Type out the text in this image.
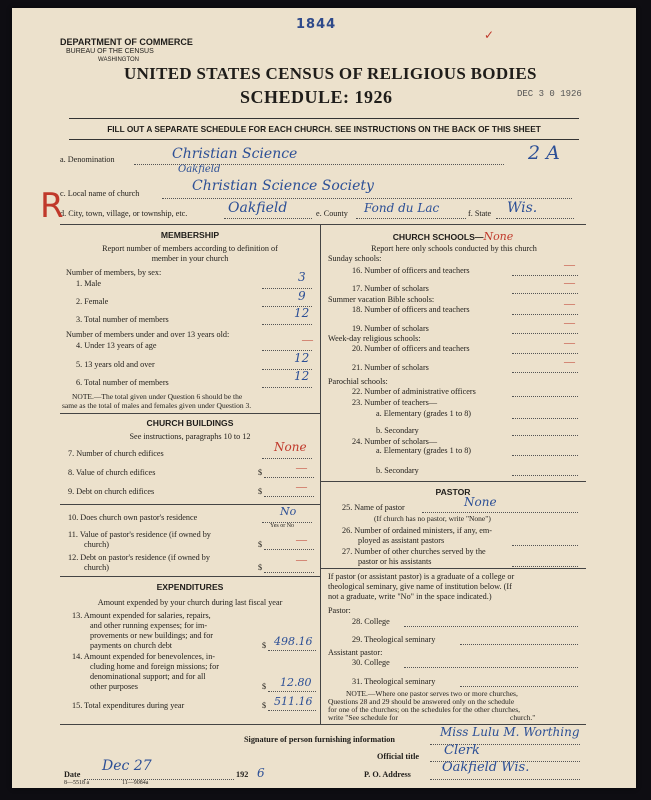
1844
✓
DEPARTMENT OF COMMERCE
BUREAU OF THE CENSUS
WASHINGTON
UNITED STATES CENSUS OF RELIGIOUS BODIES
SCHEDULE: 1926	DEC 3 0 1926
FILL OUT A SEPARATE SCHEDULE FOR EACH CHURCH. SEE INSTRUCTIONS ON THE BACK OF THIS SHEET
a. Denomination	Christian Science	2 A
Oakfield
c. Local name of church	Christian Science Society
d. City, town, village, or township, etc.	Oakfield	e. County Fond du Lac	f. State Wis.
R
MEMBERSHIP
Report number of members according to definition of
member in your church
Number of members, by sex:
1. Male	3
2. Female	9
3. Total number of members	12
Number of members under and over 13 years old:
4. Under 13 years of age	—
5. 13 years old and over	12
6. Total number of members	12
NOTE.—The total given under Question 6 should be the
same as the total of males and females given under Question 3.
CHURCH BUILDINGS
See instructions, paragraphs 10 to 12
7. Number of church edifices	None
8. Value of church edifices	$	—
9. Debt on church edifices	$	—
10. Does church own pastor's residence	No
Yes or No
11. Value of pastor's residence (if owned by
church)	$	—
12. Debt on pastor's residence (if owned by
church)	$
—
EXPENDITURES
Amount expended by your church during last fiscal year
13. Amount expended for salaries, repairs,
and other running expenses; for im-
provements or new buildings; and for
payments on church debt	$ 498.16
14. Amount expended for benevolences, in-
cluding home and foreign missions; for
denominational support; and for all
other purposes	$ 12.80
15. Total expenditures during year	$ 511.16
CHURCH SCHOOLS—None
Report here only schools conducted by this church
Sunday schools:
16. Number of officers and teachers	—
17. Number of scholars	—
Summer vacation Bible schools:
18. Number of officers and teachers	—
19. Number of scholars	—
Week-day religious schools:
20. Number of officers and teachers	—
21. Number of scholars	—
Parochial schools:
22. Number of administrative officers
23. Number of teachers—
a. Elementary (grades 1 to 8)
b. Secondary
24. Number of scholars—
a. Elementary (grades 1 to 8)
b. Secondary
PASTOR
25. Name of pastor	None
(If church has no pastor, write "None")
26. Number of ordained ministers, if any, em-
ployed as assistant pastors
27. Number of other churches served by the
pastor or his assistants
If pastor (or assistant pastor) is a graduate of a college or
theological seminary, give name of institution below. (If
not a graduate, write "No" in the space indicated.)
Pastor:
28. College
29. Theological seminary
Assistant pastor:
30. College
31. Theological seminary
NOTE.—Where one pastor serves two or more churches,
Questions 28 and 29 should be answered only on the schedule
for one of the churches; on the schedules for the other churches,
write "See schedule for	church."
Signature of person furnishing information
Miss Lulu M. Worthing
Official title Clerk
Date
Dec 27
192 6	P. O. Address Oakfield Wis.
8—5518 a	11—9084a
